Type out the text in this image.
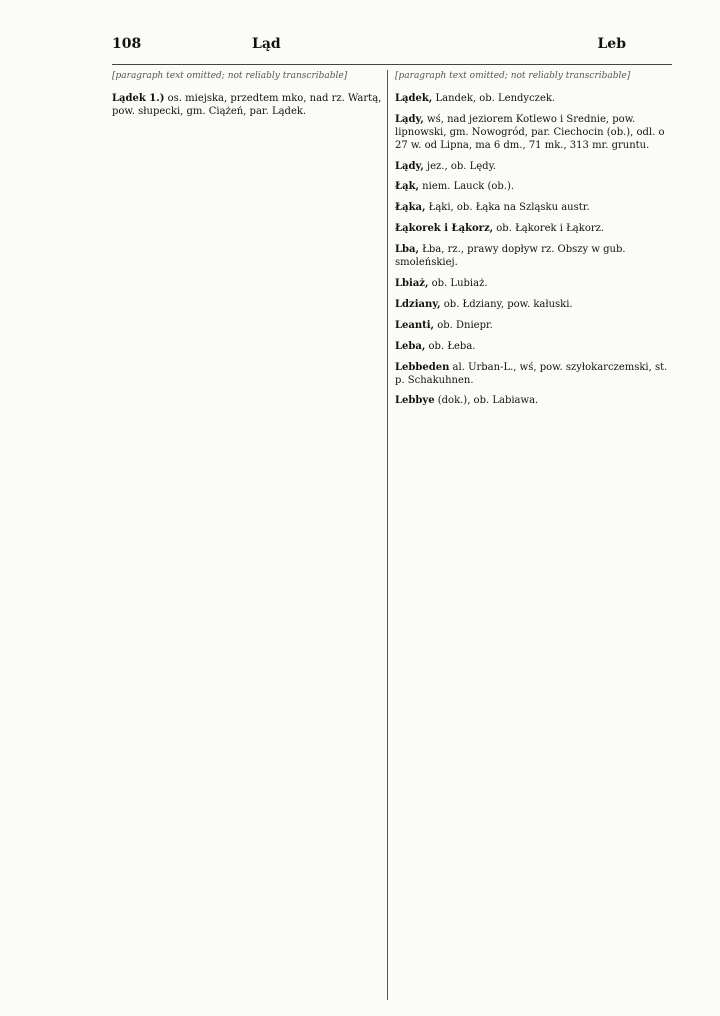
108	Ląd	Leb
[paragraph text omitted; not reliably transcribable]
Lądek 1.) os. miejska, przedtem mko, nad rz. Wartą, pow. słupecki, gm. Ciążeń, par. Lądek.
[paragraph text omitted; not reliably transcribable]
Lądek, Landek, ob. Lendyczek.
Lądy, wś, nad jeziorem Kotlewo i Srednie, pow. lipnowski, gm. Nowogród, par. Ciechocin (ob.), odl. o 27 w. od Lipna, ma 6 dm., 71 mk., 313 mr. gruntu.
Lądy, jez., ob. Lędy.
Łąk, niem. Lauck (ob.).
Łąka, Łąki, ob. Łąka na Szląsku austr.
Łąkorek i Łąkorz, ob. Łąkorek i Łąkorz.
Lba, Łba, rz., prawy dopływ rz. Obszy w gub. smoleńskiej.
Lbiaż, ob. Lubiaż.
Ldziany, ob. Łdziany, pow. kałuski.
Leanti, ob. Dniepr.
Leba, ob. Łeba.
Lebbeden al. Urban-L., wś, pow. szyłokarczemski, st. p. Schakuhnen.
Lebbye (dok.), ob. Labiawa.
